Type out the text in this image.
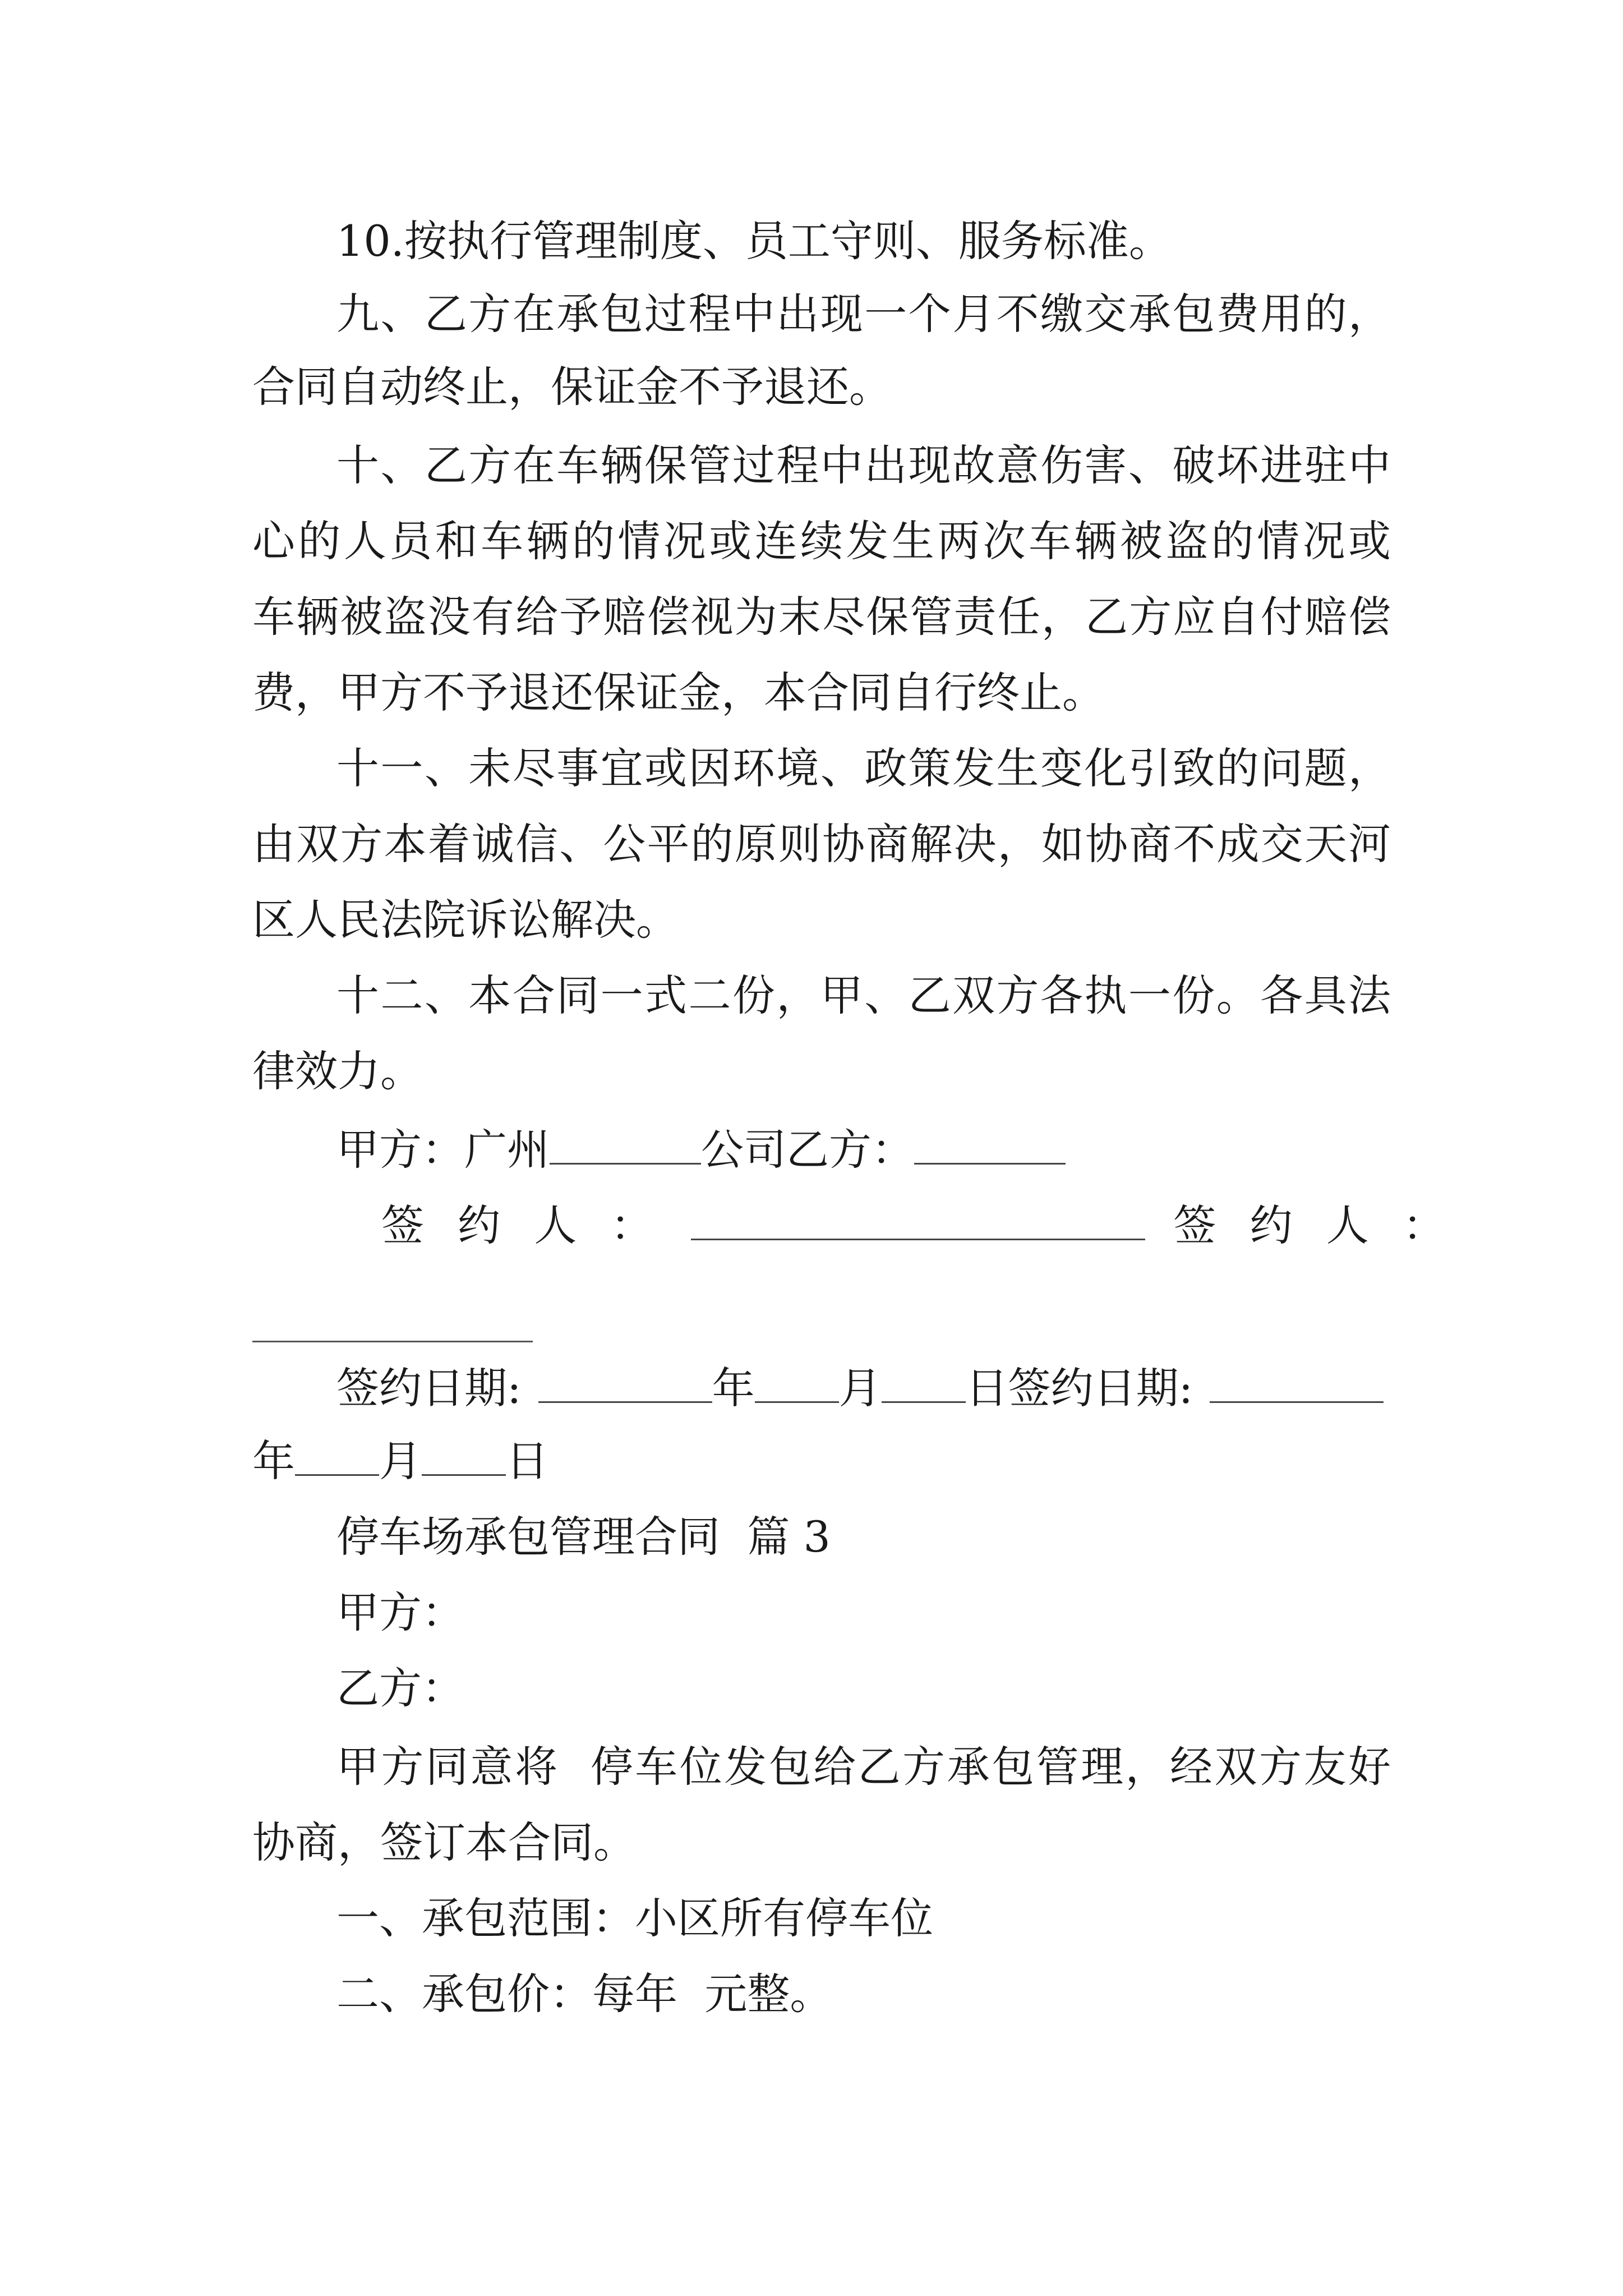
10.按执行管理制度、员工守则、服务标准。
九、乙方在承包过程中出现一个月不缴交承包费用的，
合同自动终止，保证金不予退还。
十、乙方在车辆保管过程中出现故意伤害、破坏进驻中
心的人员和车辆的情况或连续发生两次车辆被盗的情况或
车辆被盗没有给予赔偿视为末尽保管责任，乙方应自付赔偿
费，甲方不予退还保证金，本合同自行终止。
十一、未尽事宜或因环境、政策发生变化引致的问题，
由双方本着诚信、公平的原则协商解决，如协商不成交天河
区人民法院诉讼解决。
十二、本合同一式二份，甲、乙双方各执一份。各具法
律效力。
甲方：广州	公司乙方：
签 约 人 ：	签 约 人 ：
签约日期:	年 月 日签约日期:
年 月 日
停车场承包管理合同  篇 3
甲方：
乙方：
甲方同意将  停车位发包给乙方承包管理，经双方友好
协商，签订本合同。
一、承包范围：小区所有停车位
二、承包价：每年  元整。
